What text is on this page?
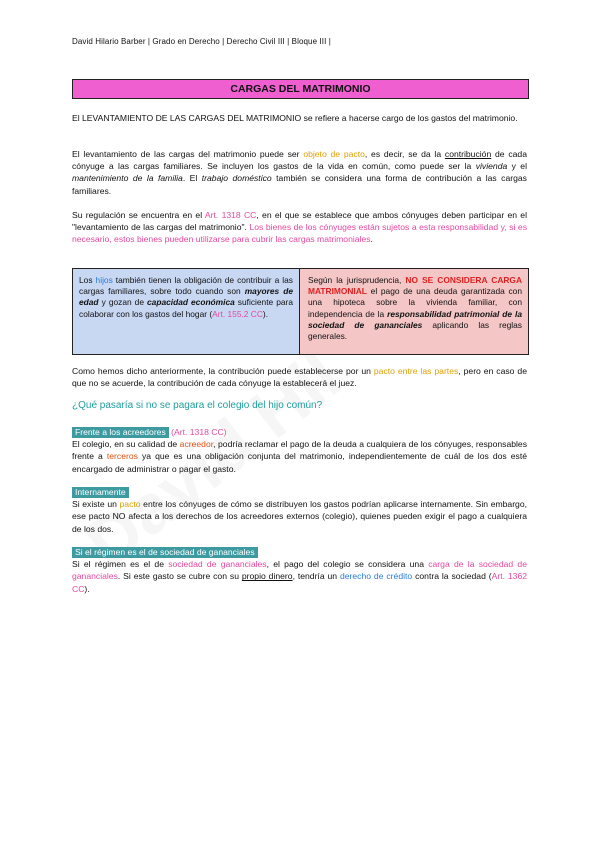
David Hilario Barber | Grado en Derecho | Derecho Civil III | Bloque III |
CARGAS DEL MATRIMONIO
El LEVANTAMIENTO DE LAS CARGAS DEL MATRIMONIO se refiere a hacerse cargo de los gastos del matrimonio.
El levantamiento de las cargas del matrimonio puede ser objeto de pacto, es decir, se da la contribución de cada cónyuge a las cargas familiares. Se incluyen los gastos de la vida en común, como puede ser la vivienda y el mantenimiento de la familia. El trabajo doméstico también se considera una forma de contribución a las cargas familiares.
Su regulación se encuentra en el Art. 1318 CC, en el que se establece que ambos cónyuges deben participar en el "levantamiento de las cargas del matrimonio". Los bienes de los cónyuges están sujetos a esta responsabilidad y, si es necesario, estos bienes pueden utilizarse para cubrir las cargas matrimoniales.
Los hijos también tienen la obligación de contribuir a las cargas familiares, sobre todo cuando son mayores de edad y gozan de capacidad económica suficiente para colaborar con los gastos del hogar (Art. 155.2 CC).
Según la jurisprudencia, NO SE CONSIDERA CARGA MATRIMONIAL el pago de una deuda garantizada con una hipoteca sobre la vivienda familiar, con independencia de la responsabilidad patrimonial de la sociedad de gananciales aplicando las reglas generales.
Como hemos dicho anteriormente, la contribución puede establecerse por un pacto entre las partes, pero en caso de que no se acuerde, la contribución de cada cónyuge la establecerá el juez.
¿Qué pasaría si no se pagara el colegio del hijo común?
Frente a los acreedores (Art. 1318 CC)
El colegio, en su calidad de acreedor, podría reclamar el pago de la deuda a cualquiera de los cónyuges, responsables frente a terceros ya que es una obligación conjunta del matrimonio, independientemente de cuál de los dos esté encargado de administrar o pagar el gasto.
Internamente
Si existe un pacto entre los cónyuges de cómo se distribuyen los gastos podrían aplicarse internamente. Sin embargo, ese pacto NO afecta a los derechos de los acreedores externos (colegio), quienes pueden exigir el pago a cualquiera de los dos.
Si el régimen es el de sociedad de gananciales
Si el régimen es el de sociedad de gananciales, el pago del colegio se considera una carga de la sociedad de gananciales. Si este gasto se cubre con su propio dinero, tendría un derecho de crédito contra la sociedad (Art. 1362 CC).
